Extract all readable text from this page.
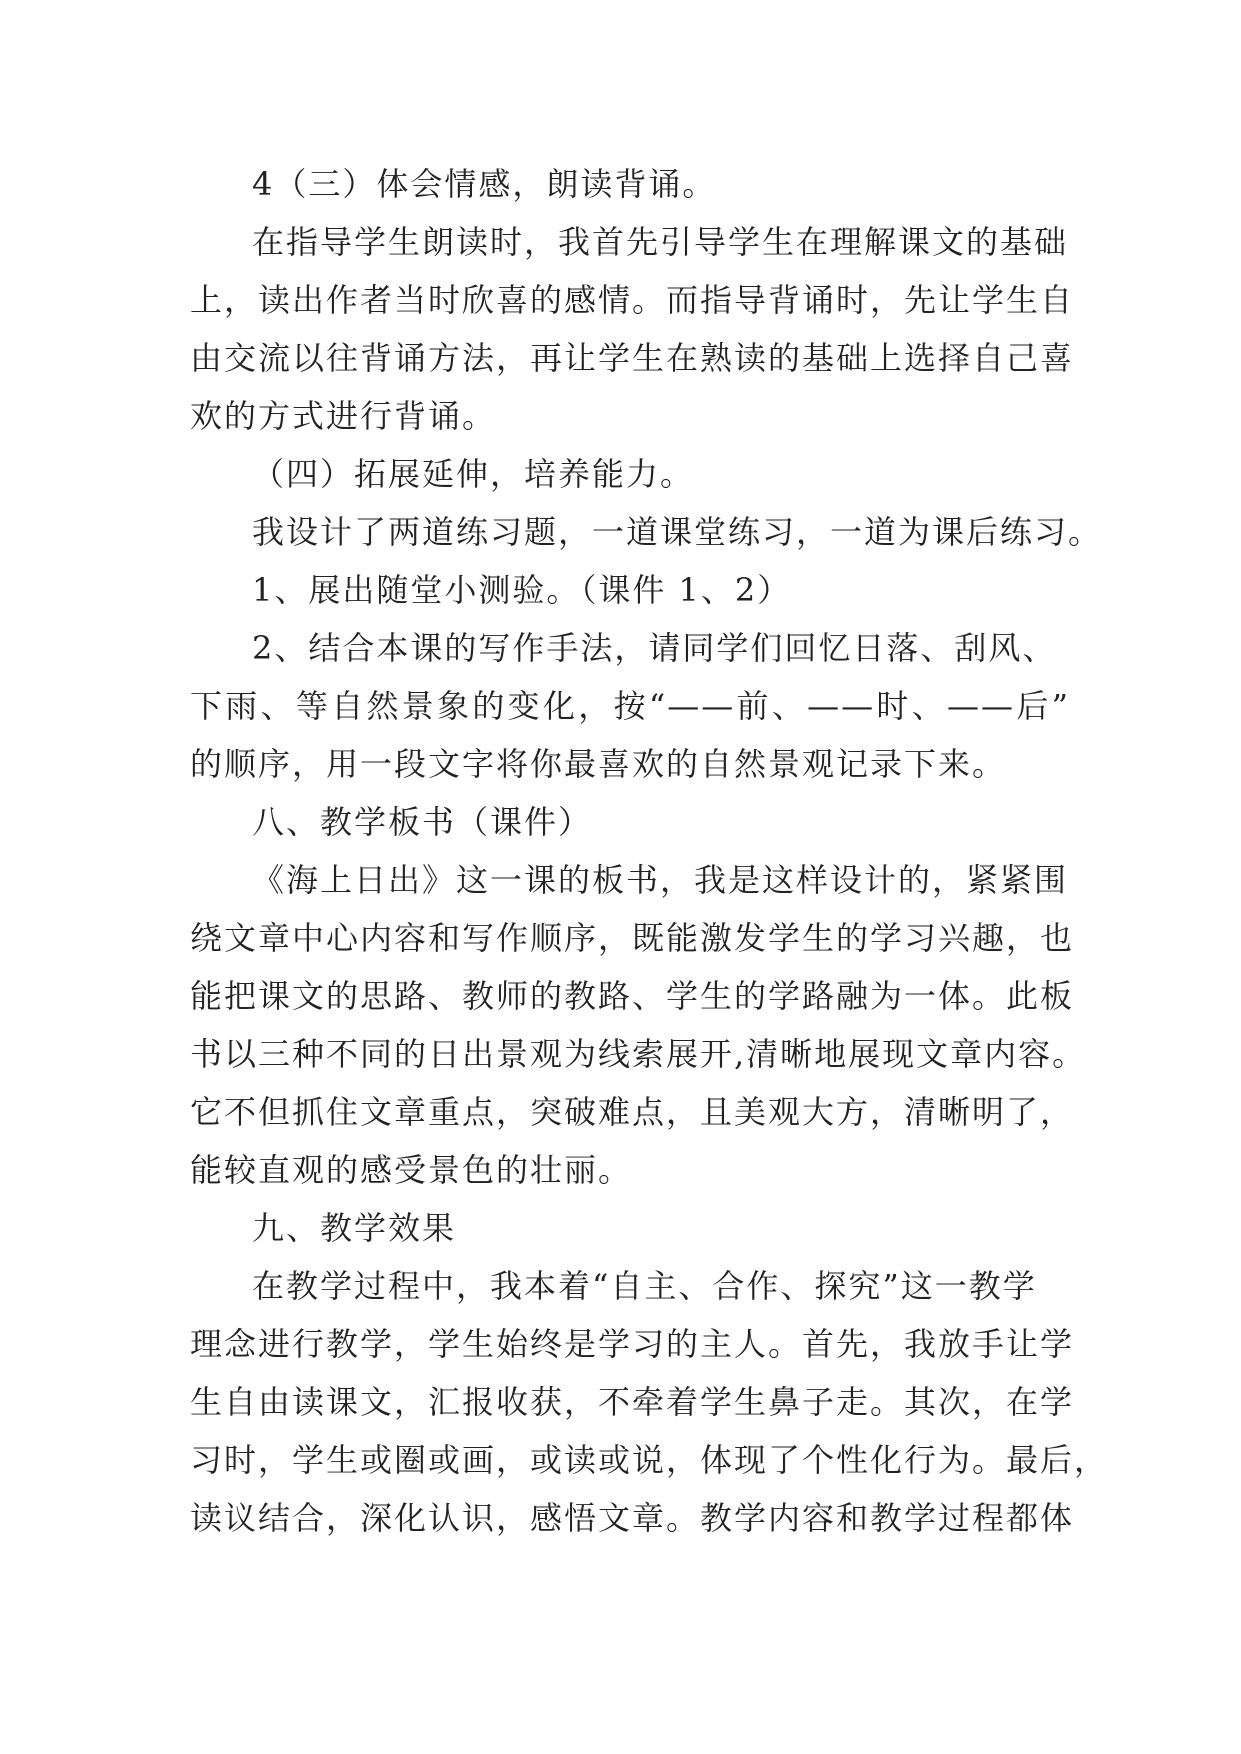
4（三）体会情感，朗读背诵。
在指导学生朗读时，我首先引导学生在理解课文的基础
上，读出作者当时欣喜的感情。而指导背诵时，先让学生自
由交流以往背诵方法，再让学生在熟读的基础上选择自己喜
欢的方式进行背诵。
（四）拓展延伸，培养能力。
我设计了两道练习题，一道课堂练习，一道为课后练习。
1、展出随堂小测验。（课件 1、2）
2、结合本课的写作手法，请同学们回忆日落、刮风、
下雨、等自然景象的变化，按“——前、——时、——后”
的顺序，用一段文字将你最喜欢的自然景观记录下来。
八、教学板书（课件）
《海上日出》这一课的板书，我是这样设计的，紧紧围
绕文章中心内容和写作顺序，既能激发学生的学习兴趣，也
能把课文的思路、教师的教路、学生的学路融为一体。此板
书以三种不同的日出景观为线索展开,清晰地展现文章内容。
它不但抓住文章重点，突破难点，且美观大方，清晰明了，
能较直观的感受景色的壮丽。
九、教学效果
在教学过程中，我本着“自主、合作、探究”这一教学
理念进行教学，学生始终是学习的主人。首先，我放手让学
生自由读课文，汇报收获，不牵着学生鼻子走。其次，在学
习时，学生或圈或画，或读或说，体现了个性化行为。最后，
读议结合，深化认识，感悟文章。教学内容和教学过程都体
